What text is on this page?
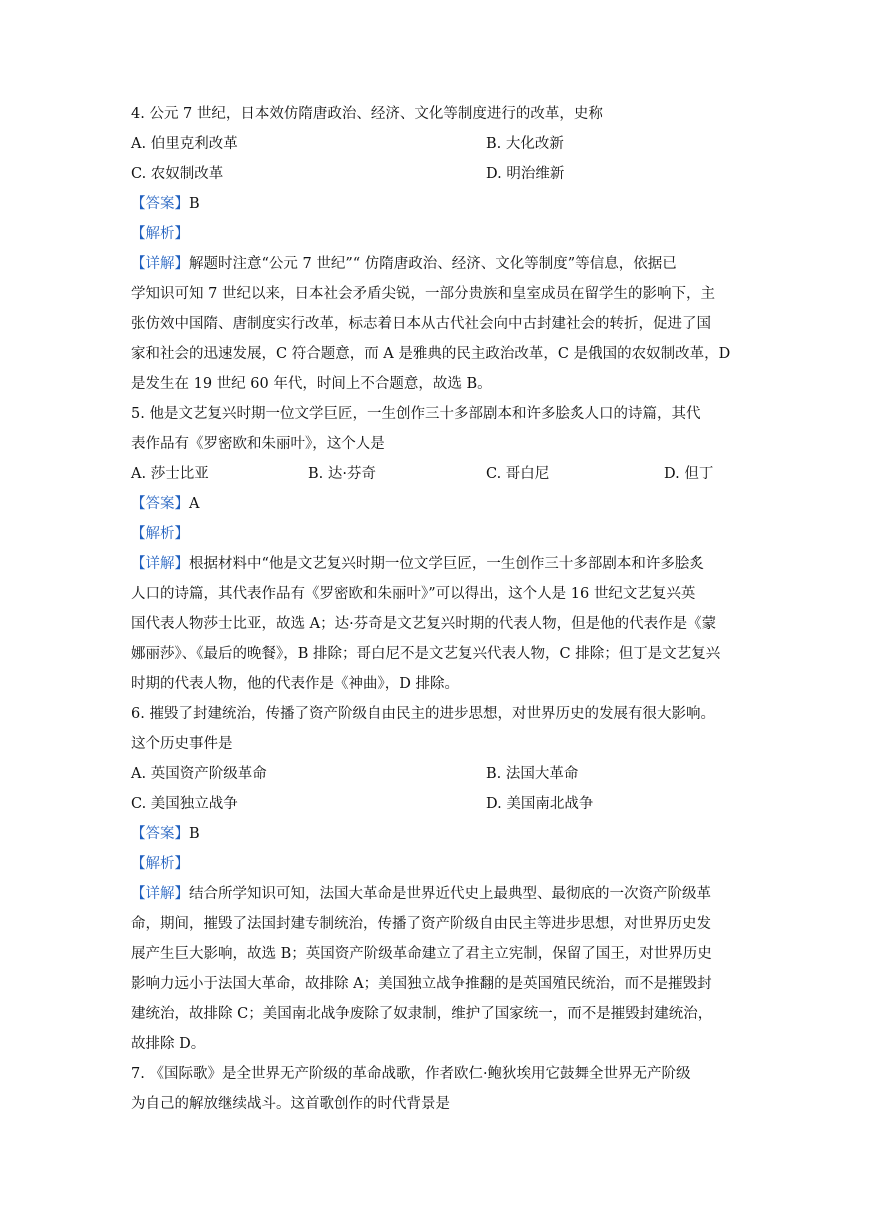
4. 公元 7 世纪，日本效仿隋唐政治、经济、文化等制度进行的改革，史称
A. 伯里克利改革	B. 大化改新
C. 农奴制改革	D. 明治维新
【答案】B
【解析】
【详解】解题时注意“公元 7 世纪”“ 仿隋唐政治、经济、文化等制度”等信息，依据已
学知识可知 7 世纪以来，日本社会矛盾尖锐，一部分贵族和皇室成员在留学生的影响下，主
张仿效中国隋、唐制度实行改革，标志着日本从古代社会向中古封建社会的转折，促进了国
家和社会的迅速发展，C 符合题意，而 A 是雅典的民主政治改革，C 是俄国的农奴制改革，D
是发生在 19 世纪 60 年代，时间上不合题意，故选 B。
5. 他是文艺复兴时期一位文学巨匠，一生创作三十多部剧本和许多脍炙人口的诗篇，其代
表作品有《罗密欧和朱丽叶》，这个人是
A. 莎士比亚	B. 达·芬奇	C. 哥白尼	D. 但丁
【答案】A
【解析】
【详解】根据材料中“他是文艺复兴时期一位文学巨匠，一生创作三十多部剧本和许多脍炙
人口的诗篇，其代表作品有《罗密欧和朱丽叶》”可以得出，这个人是 16 世纪文艺复兴英
国代表人物莎士比亚，故选 A；达·芬奇是文艺复兴时期的代表人物，但是他的代表作是《蒙
娜丽莎》、《最后的晚餐》，B 排除；哥白尼不是文艺复兴代表人物，C 排除；但丁是文艺复兴
时期的代表人物，他的代表作是《神曲》，D 排除。
6. 摧毁了封建统治，传播了资产阶级自由民主的进步思想，对世界历史的发展有很大影响。
这个历史事件是
A. 英国资产阶级革命	B. 法国大革命
C. 美国独立战争	D. 美国南北战争
【答案】B
【解析】
【详解】结合所学知识可知，法国大革命是世界近代史上最典型、最彻底的一次资产阶级革
命，期间，摧毁了法国封建专制统治，传播了资产阶级自由民主等进步思想，对世界历史发
展产生巨大影响，故选 B；英国资产阶级革命建立了君主立宪制，保留了国王，对世界历史
影响力远小于法国大革命，故排除 A；美国独立战争推翻的是英国殖民统治，而不是摧毁封
建统治，故排除 C；美国南北战争废除了奴隶制，维护了国家统一，而不是摧毁封建统治，
故排除 D。
7. 《国际歌》是全世界无产阶级的革命战歌，作者欧仁·鲍狄埃用它鼓舞全世界无产阶级
为自己的解放继续战斗。这首歌创作的时代背景是
